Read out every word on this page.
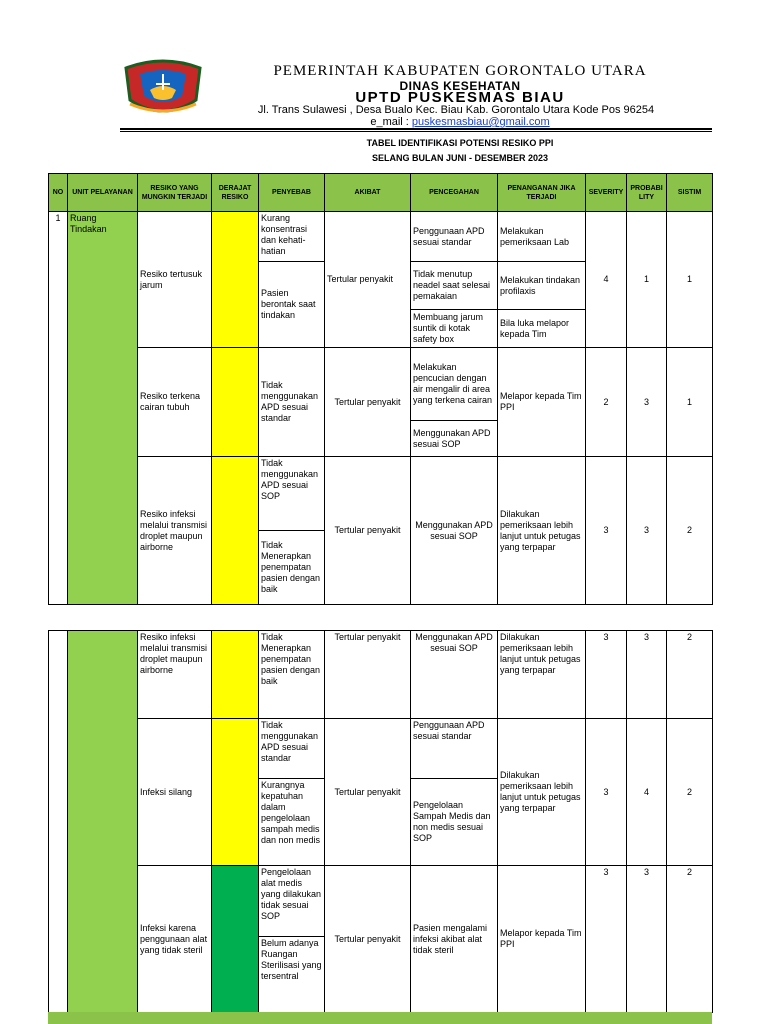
PEMERINTAH KABUPATEN GORONTALO UTARA
DINAS KESEHATAN
UPTD PUSKESMAS BIAU
Jl. Trans Sulawesi , Desa Bualo Kec. Biau Kab. Gorontalo Utara Kode Pos 96254
e_mail : puskesmasbiau@gmail.com
TABEL IDENTIFIKASI POTENSI RESIKO PPI
SELANG BULAN JUNI - DESEMBER 2023
NO	UNIT PELAYANAN	RESIKO YANG MUNGKIN TERJADI	DERAJAT RESIKO	PENYEBAB	AKIBAT	PENCEGAHAN	PENANGANAN JIKA TERJADI	SEVERITY	PROBABI LITY	SISTIM
1	Ruang Tindakan	Resiko tertusuk jarum		Kurang konsentrasi dan kehati-hatian	Tertular penyakit	Penggunaan APD sesuai standar	Melakukan pemeriksaan Lab	4	1	1
				Pasien berontak saat tindakan		Tidak menutup neadel saat selesai pemakaian	Melakukan tindakan profilaxis			
						Membuang jarum suntik di kotak safety box	Bila luka melapor kepada Tim			
		Resiko terkena cairan tubuh		Tidak menggunakan APD sesuai standar	Tertular penyakit	Melakukan pencucian dengan air mengalir di area yang terkena cairan	Melapor kepada Tim PPI	2	3	1
						Menggunakan APD sesuai SOP				
		Resiko infeksi melalui transmisi droplet maupun airborne		Tidak menggunakan APD sesuai SOP	Tertular penyakit	Menggunakan APD sesuai SOP	Dilakukan pemeriksaan lebih lanjut untuk petugas yang terpapar	3	3	2
				Tidak Menerapkan penempatan pasien dengan baik						
		Resiko infeksi melalui transmisi droplet maupun airborne		Tidak Menerapkan penempatan pasien dengan baik	Tertular penyakit	Menggunakan APD sesuai SOP	Dilakukan pemeriksaan lebih lanjut untuk petugas yang terpapar	3	3	2
		Infeksi silang		Tidak menggunakan APD sesuai standar	Tertular penyakit	Penggunaan APD sesuai standar	Dilakukan pemeriksaan lebih lanjut untuk petugas yang terpapar	3	4	2
				Kurangnya kepatuhan dalam pengelolaan sampah medis dan non medis		Pengelolaan Sampah Medis dan non medis sesuai SOP				
		Infeksi karena penggunaan alat yang tidak steril		Pengelolaan alat medis yang dilakukan tidak sesuai SOP	Tertular penyakit	Pasien mengalami infeksi akibat alat tidak steril	Melapor kepada Tim PPI	3	3	2
				Belum adanya Ruangan Sterilisasi yang tersentral						
